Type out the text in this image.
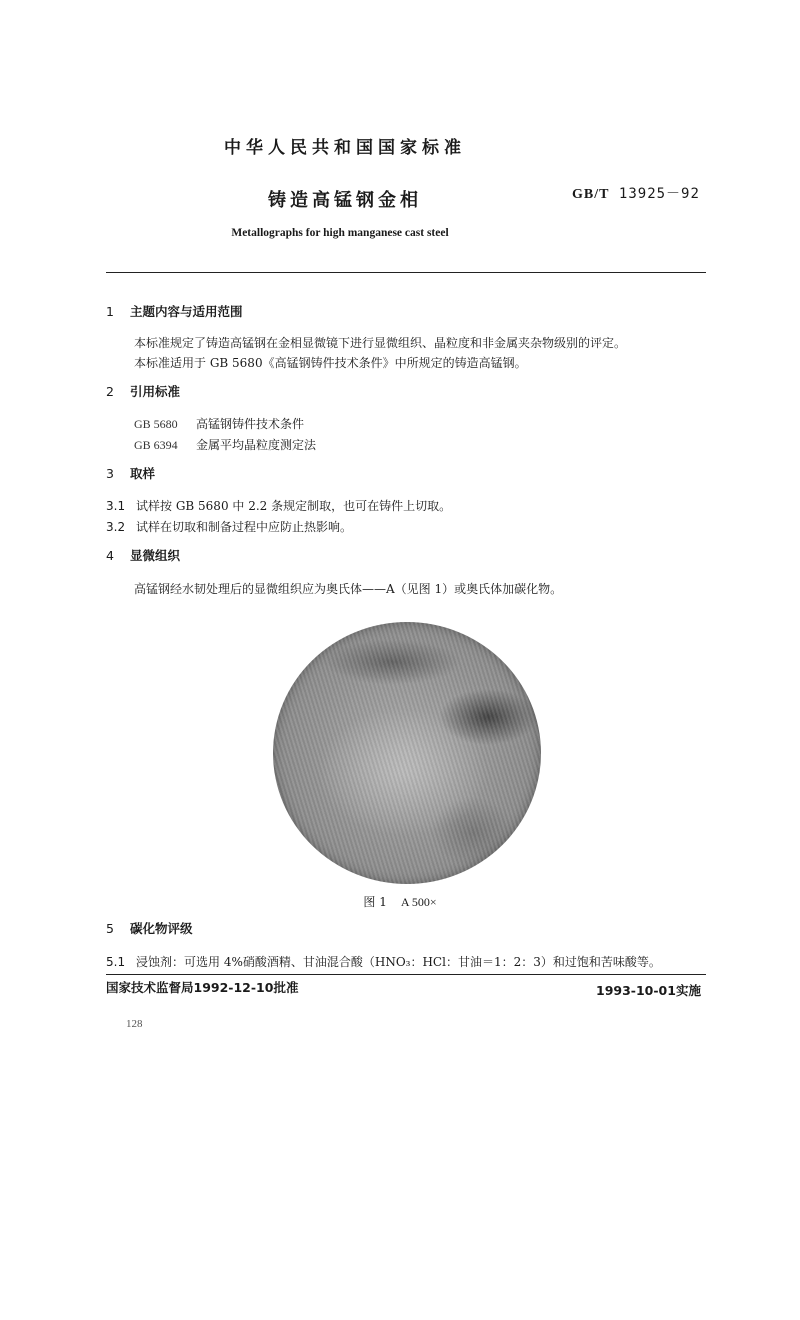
中华人民共和国国家标准
铸造高锰钢金相	GB/T 13925－92
Metallographs for high manganese cast steel
1 主题内容与适用范围
本标准规定了铸造高锰钢在金相显微镜下进行显微组织、晶粒度和非金属夹杂物级别的评定。
本标准适用于 GB 5680《高锰钢铸件技术条件》中所规定的铸造高锰钢。
2 引用标准
GB 5680 高锰钢铸件技术条件
GB 6394 金属平均晶粒度测定法
3 取样
3.1 试样按 GB 5680 中 2.2 条规定制取，也可在铸件上切取。
3.2 试样在切取和制备过程中应防止热影响。
4 显微组织
高锰钢经水韧处理后的显微组织应为奥氏体——A（见图 1）或奥氏体加碳化物。
图 1 A 500×
5 碳化物评级
5.1 浸蚀剂：可选用 4%硝酸酒精、甘油混合酸（HNO₃：HCl：甘油＝1：2：3）和过饱和苦味酸等。
国家技术监督局1992-12-10批准	1993-10-01实施
128
